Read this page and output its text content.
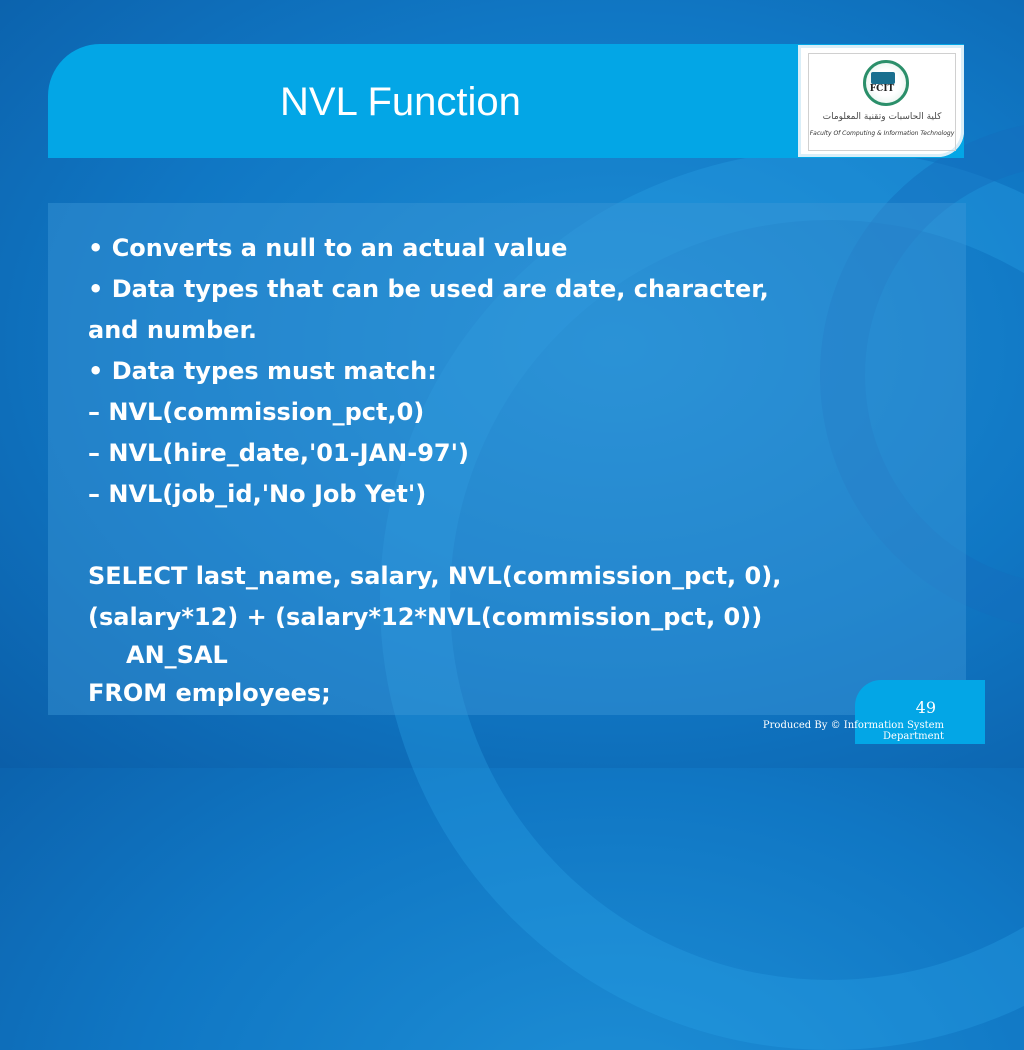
NVL Function	FCIT
كلية الحاسبات وتقنية المعلومات
Faculty Of Computing & Information Technology
• Converts a null to an actual value
• Data types that can be used are date, character,
and number.
• Data types must match:
– NVL(commission_pct,0)
– NVL(hire_date,'01-JAN-97')
– NVL(job_id,'No Job Yet')
SELECT last_name, salary, NVL(commission_pct, 0),
(salary*12) + (salary*12*NVL(commission_pct, 0))
AN_SAL
FROM employees;
49
Produced By © Information System Department
